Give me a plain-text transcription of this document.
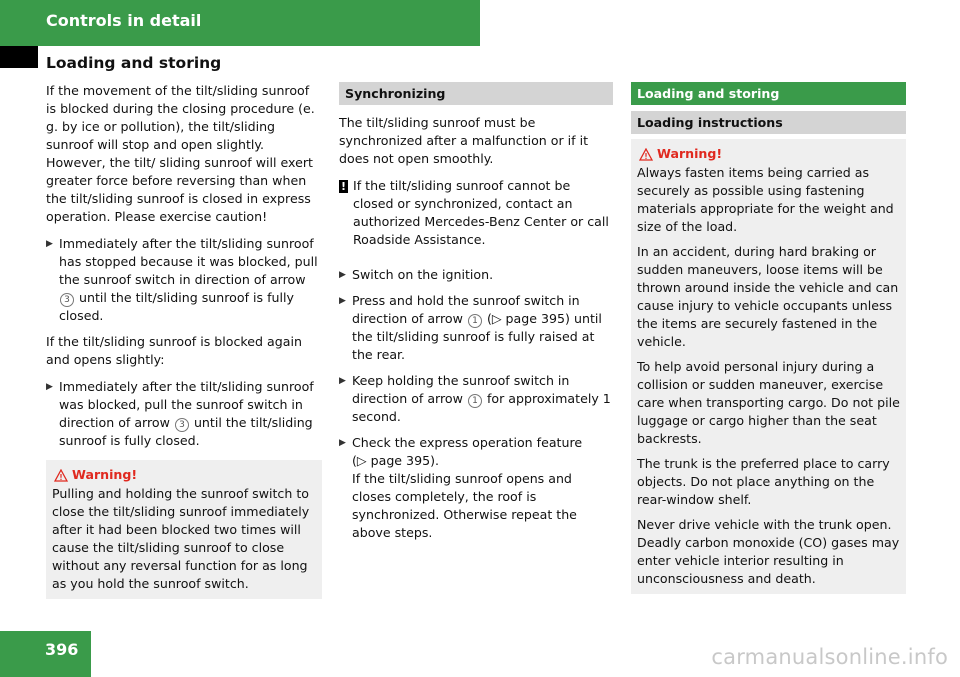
Controls in detail
Loading and storing

If the movement of the tilt/sliding sunroof is blocked during the closing procedure (e. g. by ice or pollution), the tilt/sliding sunroof will stop and open slightly. However, the tilt/ sliding sunroof will exert greater force before reversing than when the tilt/sliding sunroof is closed in express operation. Please exercise caution!

▶ Immediately after the tilt/sliding sunroof has stopped because it was blocked, pull the sunroof switch in direction of arrow 3 until the tilt/sliding sunroof is fully closed.

If the tilt/sliding sunroof is blocked again and opens slightly:

▶ Immediately after the tilt/sliding sunroof was blocked, pull the sunroof switch in direction of arrow 3 until the tilt/sliding sunroof is fully closed.
Warning!

Pulling and holding the sunroof switch to close the tilt/sliding sunroof immediately after it had been blocked two times will cause the tilt/sliding sunroof to close without any reversal function for as long as you hold the sunroof switch.

Synchronizing

The tilt/sliding sunroof must be synchronized after a malfunction or if it does not open smoothly.

! If the tilt/sliding sunroof cannot be closed or synchronized, contact an authorized Mercedes-Benz Center or call Roadside Assistance.
▶ Switch on the ignition.
▶ Press and hold the sunroof switch in direction of arrow 1 (▷ page 395) until the tilt/sliding sunroof is fully raised at the rear.
▶ Keep holding the sunroof switch in direction of arrow 1 for approximately 1 second.
▶ Check the express operation feature
(▷ page 395).
If the tilt/sliding sunroof opens and closes completely, the roof is synchronized. Otherwise repeat the above steps.
Loading and storing
Loading instructions
Warning!

Always fasten items being carried as securely as possible using fastening materials appropriate for the weight and size of the load.

In an accident, during hard braking or sudden maneuvers, loose items will be thrown around inside the vehicle and can cause injury to vehicle occupants unless the items are securely fastened in the vehicle.

To help avoid personal injury during a collision or sudden maneuver, exercise care when transporting cargo. Do not pile luggage or cargo higher than the seat backrests.

The trunk is the preferred place to carry objects. Do not place anything on the rear-window shelf.

Never drive vehicle with the trunk open. Deadly carbon monoxide (CO) gases may enter vehicle interior resulting in unconsciousness and death.

396	carmanualsonline.info
